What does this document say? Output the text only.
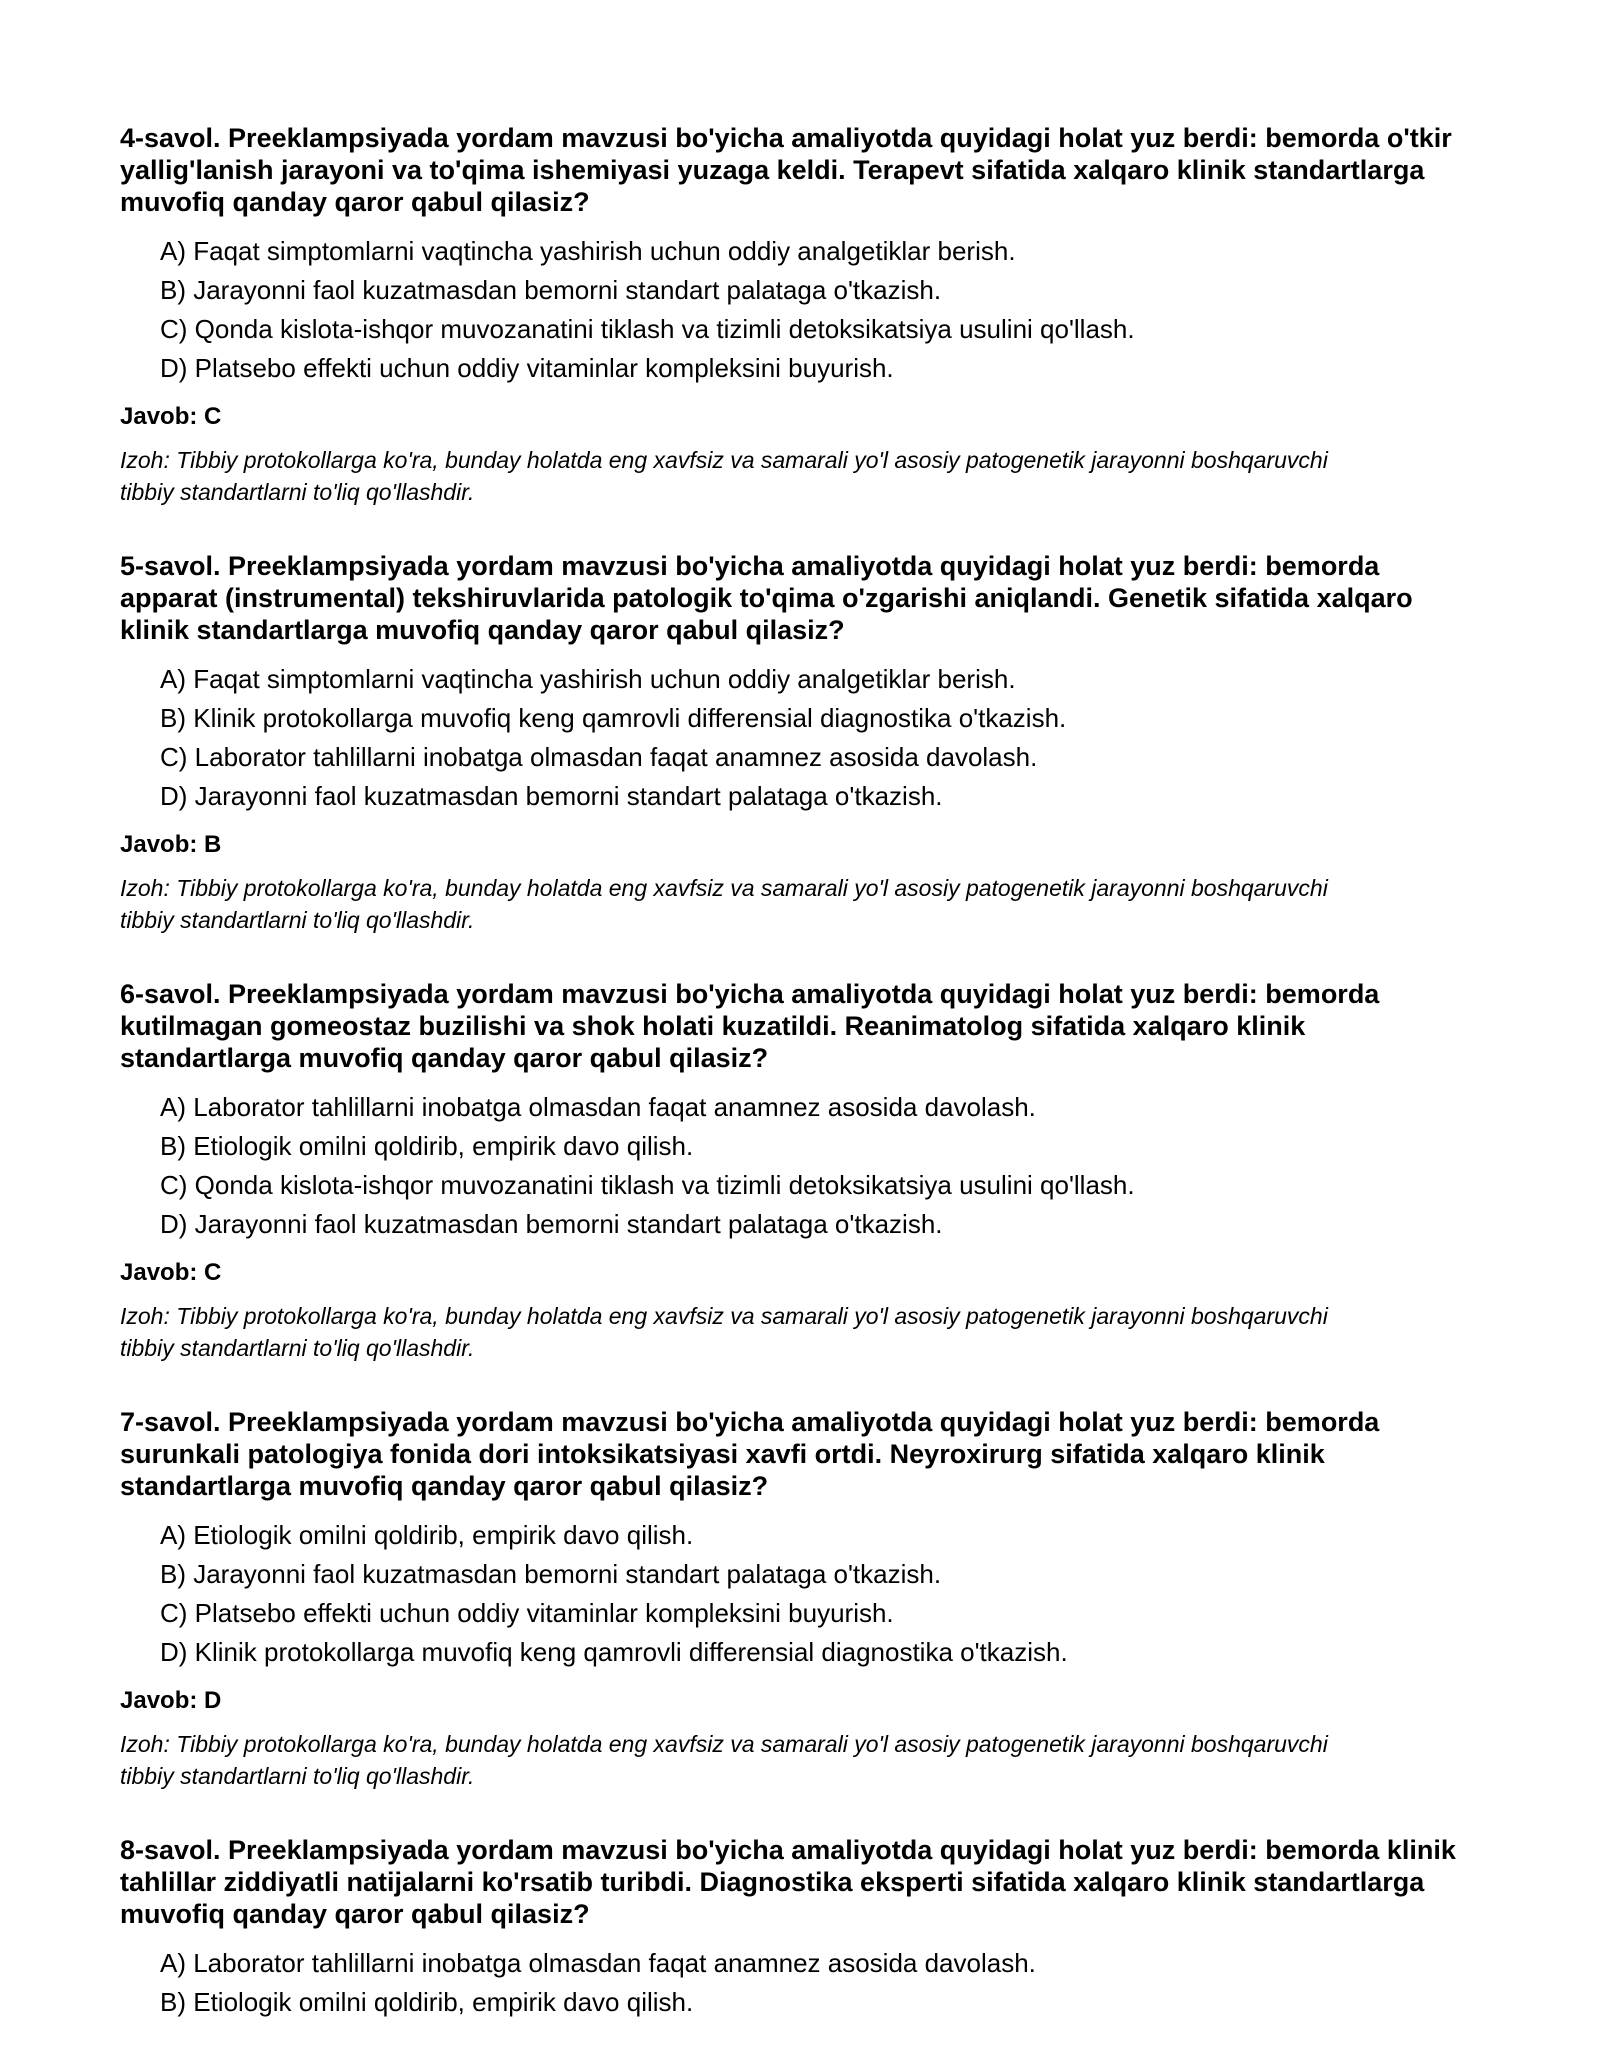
4-savol. Preeklampsiyada yordam mavzusi bo'yicha amaliyotda quyidagi holat yuz berdi: bemorda o'tkir yallig'lanish jarayoni va to'qima ishemiyasi yuzaga keldi. Terapevt sifatida xalqaro klinik standartlarga muvofiq qanday qaror qabul qilasiz?
A) Faqat simptomlarni vaqtincha yashirish uchun oddiy analgetiklar berish.
B) Jarayonni faol kuzatmasdan bemorni standart palataga o'tkazish.
C) Qonda kislota-ishqor muvozanatini tiklash va tizimli detoksikatsiya usulini qo'llash.
D) Platsebo effekti uchun oddiy vitaminlar kompleksini buyurish.
Javob: C
Izoh: Tibbiy protokollarga ko'ra, bunday holatda eng xavfsiz va samarali yo'l asosiy patogenetik jarayonni boshqaruvchi tibbiy standartlarni to'liq qo'llashdir.
5-savol. Preeklampsiyada yordam mavzusi bo'yicha amaliyotda quyidagi holat yuz berdi: bemorda apparat (instrumental) tekshiruvlarida patologik to'qima o'zgarishi aniqlandi. Genetik sifatida xalqaro klinik standartlarga muvofiq qanday qaror qabul qilasiz?
A) Faqat simptomlarni vaqtincha yashirish uchun oddiy analgetiklar berish.
B) Klinik protokollarga muvofiq keng qamrovli differensial diagnostika o'tkazish.
C) Laborator tahlillarni inobatga olmasdan faqat anamnez asosida davolash.
D) Jarayonni faol kuzatmasdan bemorni standart palataga o'tkazish.
Javob: B
Izoh: Tibbiy protokollarga ko'ra, bunday holatda eng xavfsiz va samarali yo'l asosiy patogenetik jarayonni boshqaruvchi tibbiy standartlarni to'liq qo'llashdir.
6-savol. Preeklampsiyada yordam mavzusi bo'yicha amaliyotda quyidagi holat yuz berdi: bemorda kutilmagan gomeostaz buzilishi va shok holati kuzatildi. Reanimatolog sifatida xalqaro klinik standartlarga muvofiq qanday qaror qabul qilasiz?
A) Laborator tahlillarni inobatga olmasdan faqat anamnez asosida davolash.
B) Etiologik omilni qoldirib, empirik davo qilish.
C) Qonda kislota-ishqor muvozanatini tiklash va tizimli detoksikatsiya usulini qo'llash.
D) Jarayonni faol kuzatmasdan bemorni standart palataga o'tkazish.
Javob: C
Izoh: Tibbiy protokollarga ko'ra, bunday holatda eng xavfsiz va samarali yo'l asosiy patogenetik jarayonni boshqaruvchi tibbiy standartlarni to'liq qo'llashdir.
7-savol. Preeklampsiyada yordam mavzusi bo'yicha amaliyotda quyidagi holat yuz berdi: bemorda surunkali patologiya fonida dori intoksikatsiyasi xavfi ortdi. Neyroxirurg sifatida xalqaro klinik standartlarga muvofiq qanday qaror qabul qilasiz?
A) Etiologik omilni qoldirib, empirik davo qilish.
B) Jarayonni faol kuzatmasdan bemorni standart palataga o'tkazish.
C) Platsebo effekti uchun oddiy vitaminlar kompleksini buyurish.
D) Klinik protokollarga muvofiq keng qamrovli differensial diagnostika o'tkazish.
Javob: D
Izoh: Tibbiy protokollarga ko'ra, bunday holatda eng xavfsiz va samarali yo'l asosiy patogenetik jarayonni boshqaruvchi tibbiy standartlarni to'liq qo'llashdir.
8-savol. Preeklampsiyada yordam mavzusi bo'yicha amaliyotda quyidagi holat yuz berdi: bemorda klinik tahlillar ziddiyatli natijalarni ko'rsatib turibdi. Diagnostika eksperti sifatida xalqaro klinik standartlarga muvofiq qanday qaror qabul qilasiz?
A) Laborator tahlillarni inobatga olmasdan faqat anamnez asosida davolash.
B) Etiologik omilni qoldirib, empirik davo qilish.
